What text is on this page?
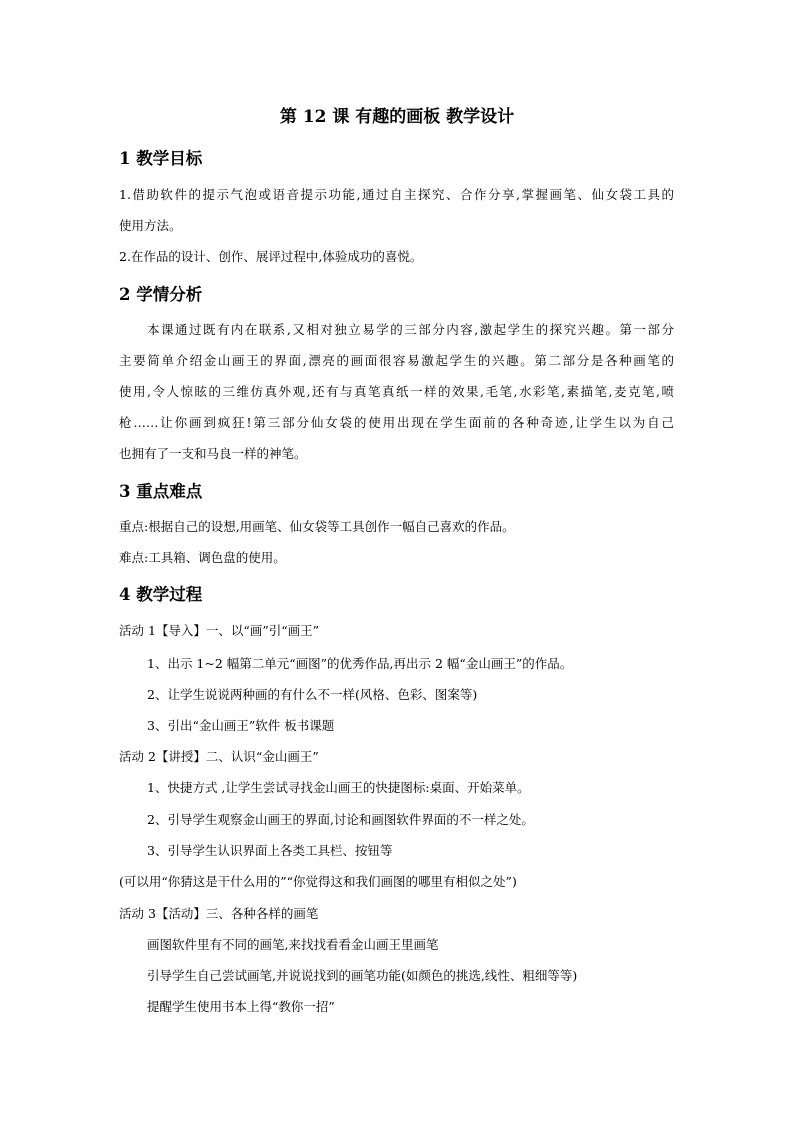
第 12 课 有趣的画板 教学设计
1 教学目标
1.借助软件的提示气泡或语音提示功能,通过自主探究、合作分享,掌握画笔、仙女袋工具的
使用方法。
2.在作品的设计、创作、展评过程中,体验成功的喜悦。
2 学情分析
本课通过既有内在联系,又相对独立易学的三部分内容,激起学生的探究兴趣。第一部分
主要简单介绍金山画王的界面,漂亮的画面很容易激起学生的兴趣。第二部分是各种画笔的
使用,令人惊眩的三维仿真外观,还有与真笔真纸一样的效果,毛笔,水彩笔,素描笔,麦克笔,喷
枪……让你画到疯狂!第三部分仙女袋的使用出现在学生面前的各种奇迹,让学生以为自己
也拥有了一支和马良一样的神笔。
3 重点难点
重点:根据自己的设想,用画笔、仙女袋等工具创作一幅自己喜欢的作品。
难点:工具箱、调色盘的使用。
4 教学过程
活动 1【导入】一、以“画”引“画王”
1、出示 1~2 幅第二单元“画图”的优秀作品,再出示 2 幅“金山画王”的作品。
2、让学生说说两种画的有什么不一样(风格、色彩、图案等)
3、引出“金山画王”软件 板书课题
活动 2【讲授】二、认识“金山画王”
1、快捷方式 ,让学生尝试寻找金山画王的快捷图标:桌面、开始菜单。
2、引导学生观察金山画王的界面,讨论和画图软件界面的不一样之处。
3、引导学生认识界面上各类工具栏、按钮等
(可以用“你猜这是干什么用的”“你觉得这和我们画图的哪里有相似之处”)
活动 3【活动】三、各种各样的画笔
画图软件里有不同的画笔,来找找看看金山画王里画笔
引导学生自己尝试画笔,并说说找到的画笔功能(如颜色的挑选,线性、粗细等等)
提醒学生使用书本上得“教你一招”
